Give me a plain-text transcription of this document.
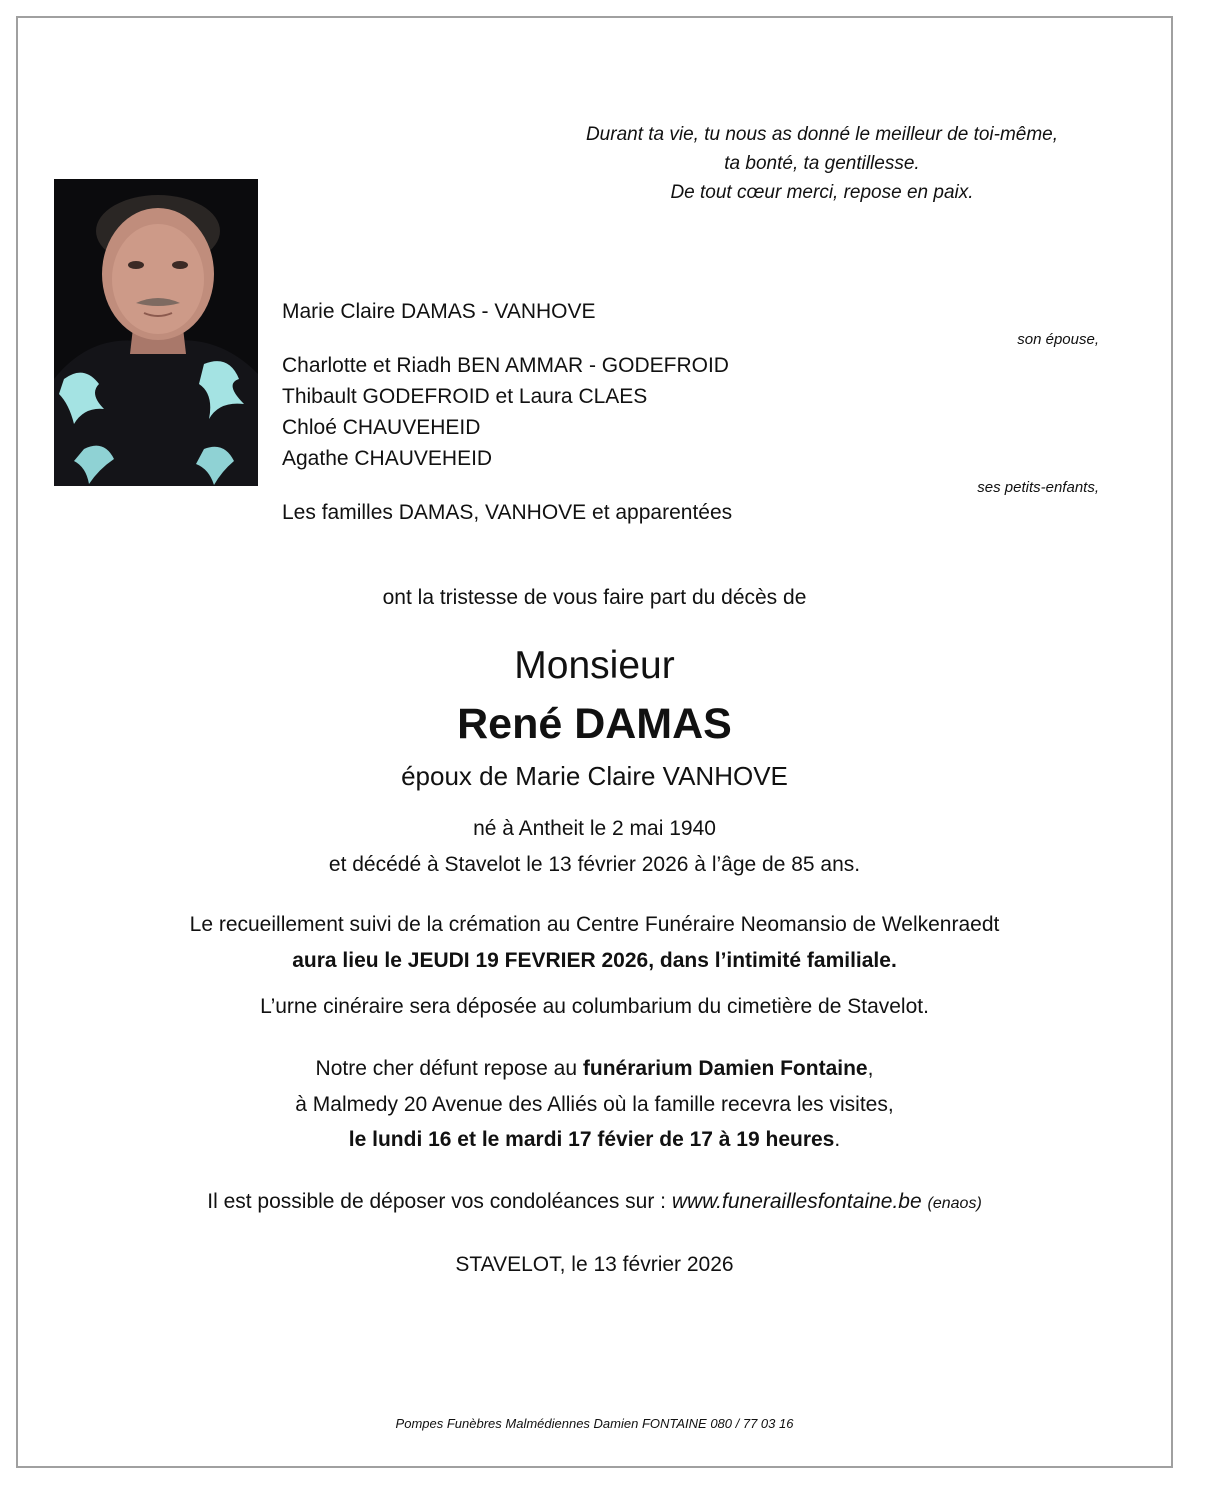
Durant ta vie, tu nous as donné le meilleur de toi-même,
ta bonté, ta gentillesse.
De tout cœur merci, repose en paix.
Marie Claire DAMAS - VANHOVE
son épouse,
Charlotte et Riadh BEN AMMAR - GODEFROID
Thibault GODEFROID et Laura CLAES
Chloé CHAUVEHEID
Agathe CHAUVEHEID
ses petits-enfants,
Les familles DAMAS, VANHOVE et apparentées
ont la tristesse de vous faire part du décès de
Monsieur
René DAMAS
époux de Marie Claire VANHOVE
né à Antheit le 2 mai 1940
et décédé à Stavelot le 13 février 2026 à l’âge de 85 ans.
Le recueillement suivi de la crémation au Centre Funéraire Neomansio de Welkenraedt
aura lieu le JEUDI 19 FEVRIER 2026, dans l’intimité familiale.
L’urne cinéraire sera déposée au columbarium du cimetière de Stavelot.
Notre cher défunt repose au funérarium Damien Fontaine,
à Malmedy 20 Avenue des Alliés où la famille recevra les visites,
le lundi 16 et le mardi 17 févier de 17 à 19 heures.
Il est possible de déposer vos condoléances sur : www.funeraillesfontaine.be (enaos)
STAVELOT, le 13 février 2026
Pompes Funèbres Malmédiennes Damien FONTAINE 080 / 77 03 16
